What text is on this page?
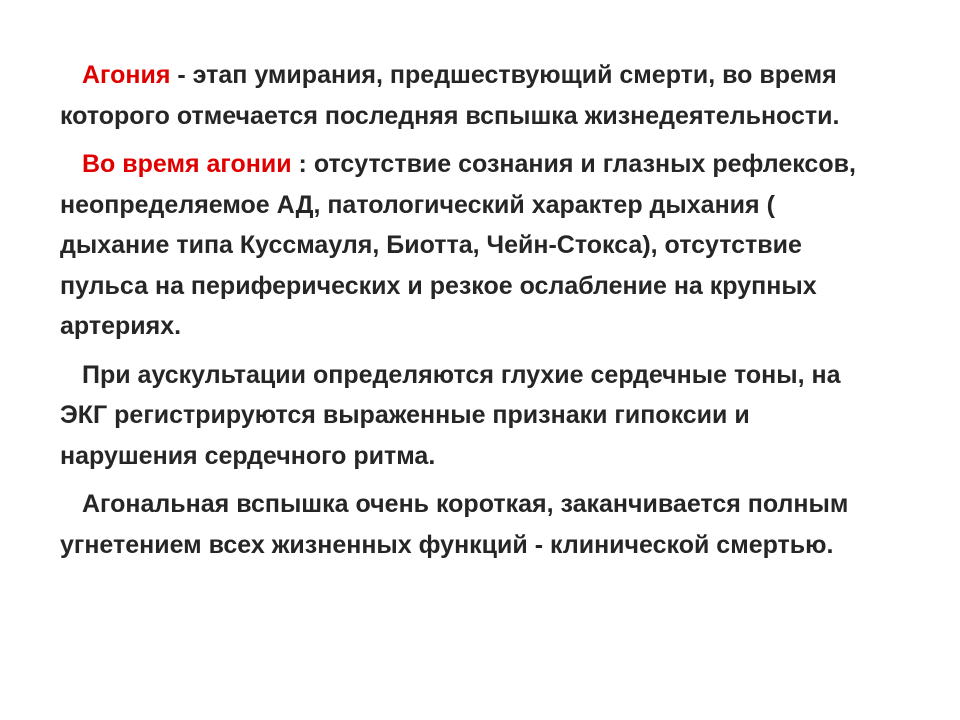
Агония - этап умирания, предшествующий смерти, во время которого отмечается последняя вспышка жизнедеятельности.

Во время агонии : отсутствие сознания и глазных рефлексов, неопределяемое АД, патологический характер дыхания ( дыхание типа Куссмауля, Биотта, Чейн-Стокса), отсутствие пульса на периферических и резкое ослабление на крупных артериях.

При аускультации определяются глухие сердечные тоны, на ЭКГ регистрируются выраженные признаки гипоксии и нарушения сердечного ритма.

Агональная вспышка очень короткая, заканчивается полным угнетением всех жизненных функций - клинической смертью.
